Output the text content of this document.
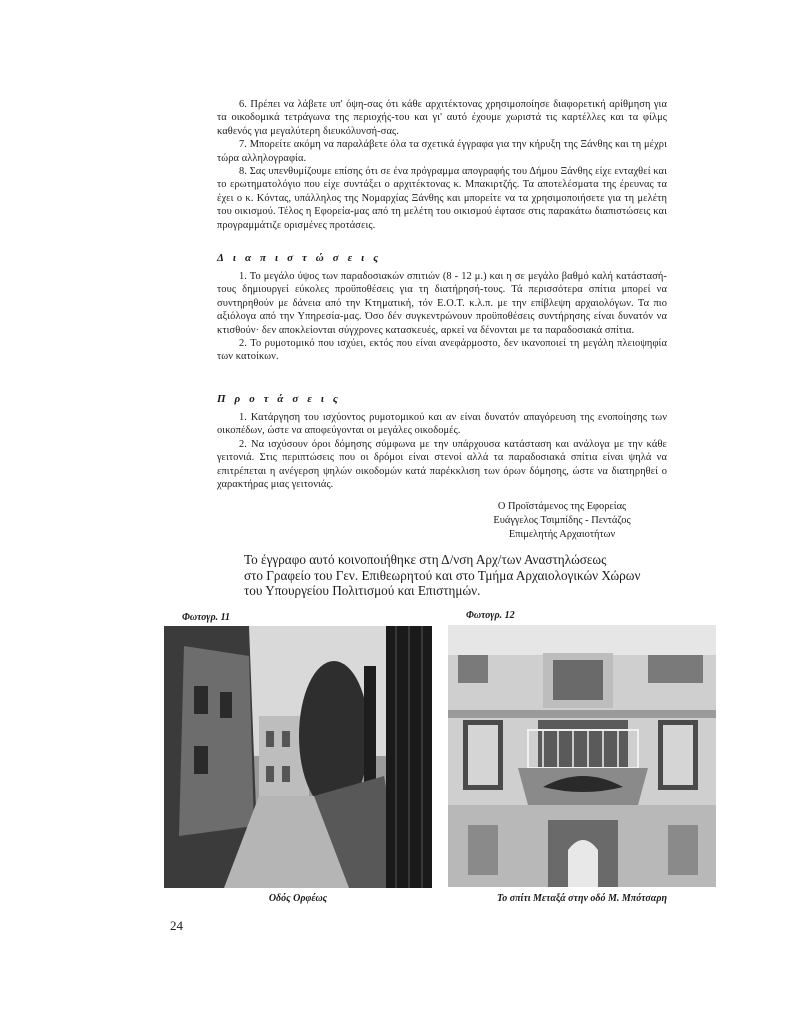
6. Πρέπει να λάβετε υπ' όψη-σας ότι κάθε αρχιτέκτονας χρησιμοποίησε διαφορετική αρίθμηση για τα οικοδομικά τετράγωνα της περιοχής-του και γι' αυτό έχουμε χωριστά τις καρτέλλες και τα φίλμς καθενός για μεγαλύτερη διευκόλυνσή-σας.

7. Μπορείτε ακόμη να παραλάβετε όλα τα σχετικά έγγραφα για την κήρυξη της Ξάνθης και τη μέχρι τώρα αλληλογραφία.

8. Σας υπενθυμίζουμε επίσης ότι σε ένα πρόγραμμα απογραφής του Δήμου Ξάνθης είχε ενταχθεί και το ερωτηματολόγιο που είχε συντάξει ο αρχιτέκτονας κ. Μπακιρτζής. Τα αποτελέσματα της έρευνας τα έχει ο κ. Κόντας, υπάλληλος της Νομαρχίας Ξάνθης και μπορείτε να τα χρησιμοποιήσετε για τη μελέτη του οικισμού. Τέλος η Εφορεία-μας από τη μελέτη του οικισμού έφτασε στις παρακάτω διαπιστώσεις και προγραμμάτιζε ορισμένες προτάσεις.

Διαπιστώσεις

1. Το μεγάλο ύψος των παραδοσιακών σπιτιών (8 - 12 μ.) και η σε μεγάλο βαθμό καλή κατάστασή-τους δημιουργεί εύκολες προϋποθέσεις για τη διατήρησή-τους. Τά περισσότερα σπίτια μπορεί να συντηρηθούν με δάνεια από την Κτηματική, τόν Ε.Ο.Τ. κ.λ.π. με την επίβλεψη αρχαιολόγων. Τα πιο αξιόλογα από την Υπηρεσία-μας. Όσο δέν συγκεντρώνουν προϋποθέσεις συντήρησης είναι δυνατόν να κτισθούν· δεν αποκλείονται σύγχρονες κατασκευές, αρκεί να δένονται με τα παραδοσιακά σπίτια.

2. Το ρυμοτομικό που ισχύει, εκτός που είναι ανεφάρμοστο, δεν ικανοποιεί τη μεγάλη πλειοψηφία των κατοίκων.

Προτάσεις

1. Κατάργηση του ισχύοντος ρυμοτομικού και αν είναι δυνατόν απαγόρευση της ενοποίησης των οικοπέδων, ώστε να αποφεύγονται οι μεγάλες οικοδομές.

2. Να ισχύσουν όροι δόμησης σύμφωνα με την υπάρχουσα κατάσταση και ανάλογα με την κάθε γειτονιά. Στις περιπτώσεις που οι δρόμοι είναι στενοί αλλά τα παραδοσιακά σπίτια είναι ψηλά να επιτρέπεται η ανέγερση ψηλών οικοδομών κατά παρέκκλιση των όρων δόμησης, ώστε να διατηρηθεί ο χαρακτήρας μιας γειτονιάς.

Ο Προϊστάμενος της Εφορείας
Ευάγγελος Τσιμπίδης - Πεντάζος
Επιμελητής Αρχαιοτήτων
Το έγγραφο αυτό κοινοποιήθηκε στη Δ/νση Αρχ/των Αναστηλώσεως
στο Γραφείο του Γεν. Επιθεωρητού και στο Τμήμα Αρχαιολογικών Χώρων
του Υπουργείου Πολιτισμού και Επιστημών.
Φωτογρ. 11
Οδός Ορφέως
Φωτογρ. 12
Το σπίτι Μεταξά στην οδό Μ. Μπότσαρη
24
